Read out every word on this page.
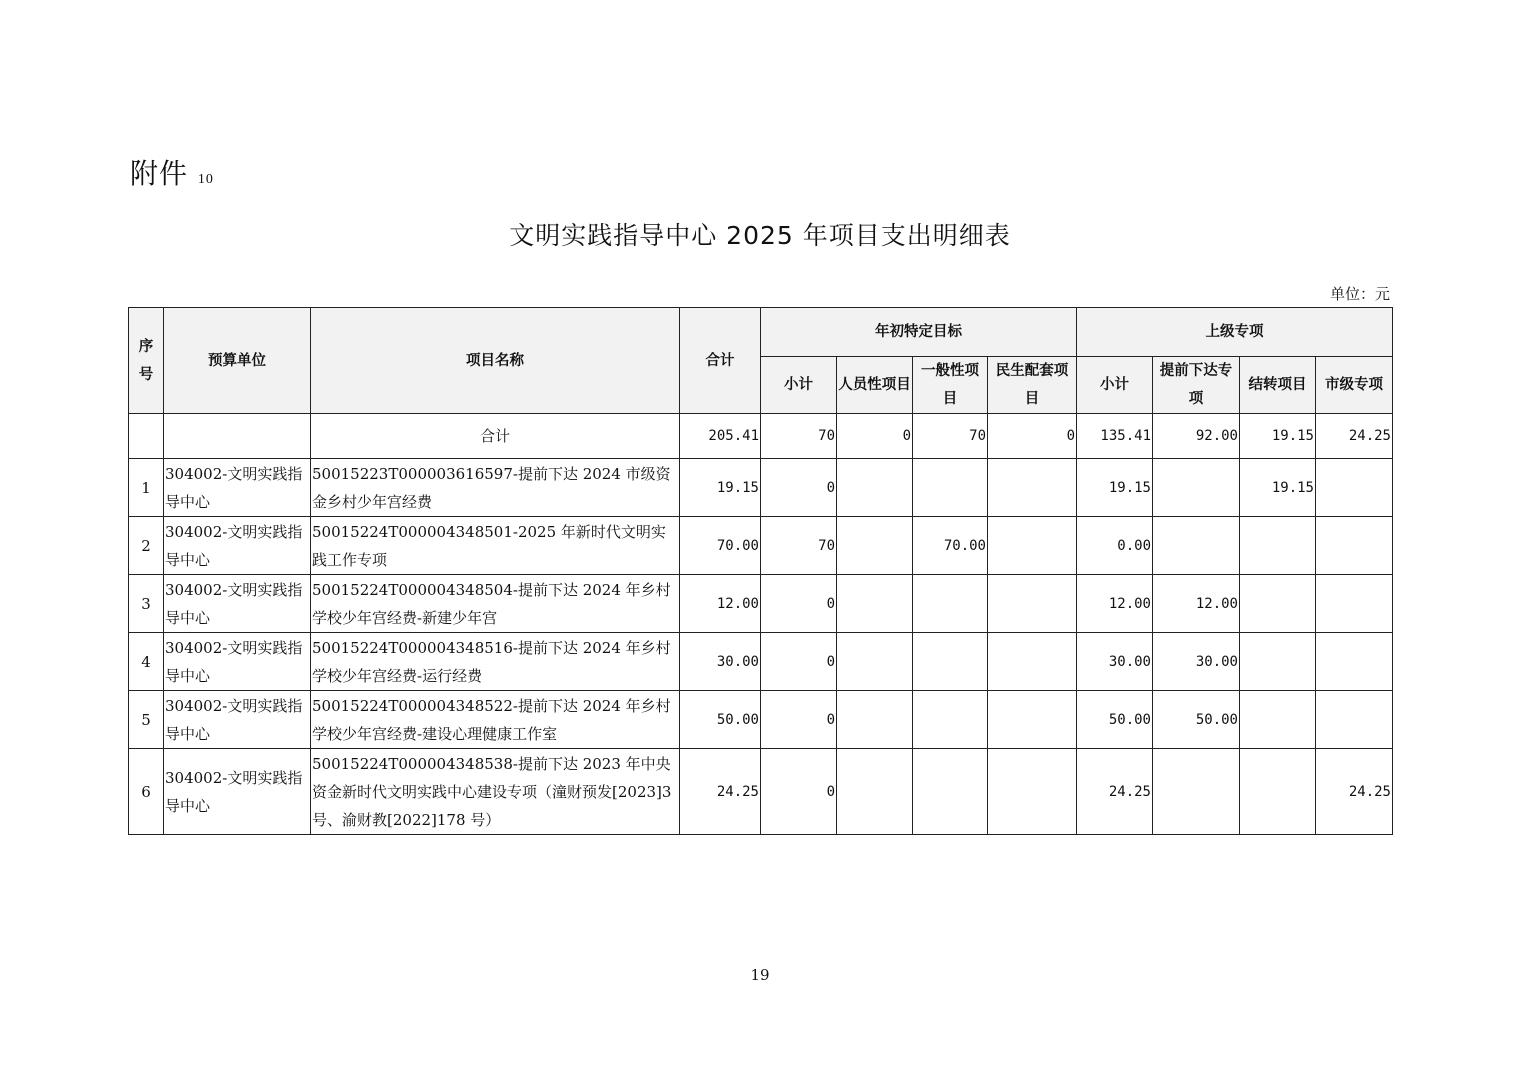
附件 10
文明实践指导中心 2025 年项目支出明细表
单位：元
序号	预算单位	项目名称	合计	年初特定目标				上级专项			
				小计	人员性项目	一般性项目	民生配套项目	小计	提前下达专项	结转项目	市级专项
		合计	205.41	70	0	70	0	135.41	92.00	19.15	24.25
1	304002-文明实践指导中心	50015223T000003616597-提前下达 2024 市级资金乡村少年宫经费	19.15	0				19.15		19.15	
2	304002-文明实践指导中心	50015224T000004348501-2025 年新时代文明实践工作专项	70.00	70		70.00		0.00			
3	304002-文明实践指导中心	50015224T000004348504-提前下达 2024 年乡村学校少年宫经费-新建少年宫	12.00	0				12.00	12.00		
4	304002-文明实践指导中心	50015224T000004348516-提前下达 2024 年乡村学校少年宫经费-运行经费	30.00	0				30.00	30.00		
5	304002-文明实践指导中心	50015224T000004348522-提前下达 2024 年乡村学校少年宫经费-建设心理健康工作室	50.00	0				50.00	50.00		
6	304002-文明实践指导中心	50015224T000004348538-提前下达 2023 年中央资金新时代文明实践中心建设专项（潼财预发[2023]3 号、渝财教[2022]178 号）	24.25	0				24.25			24.25
19
